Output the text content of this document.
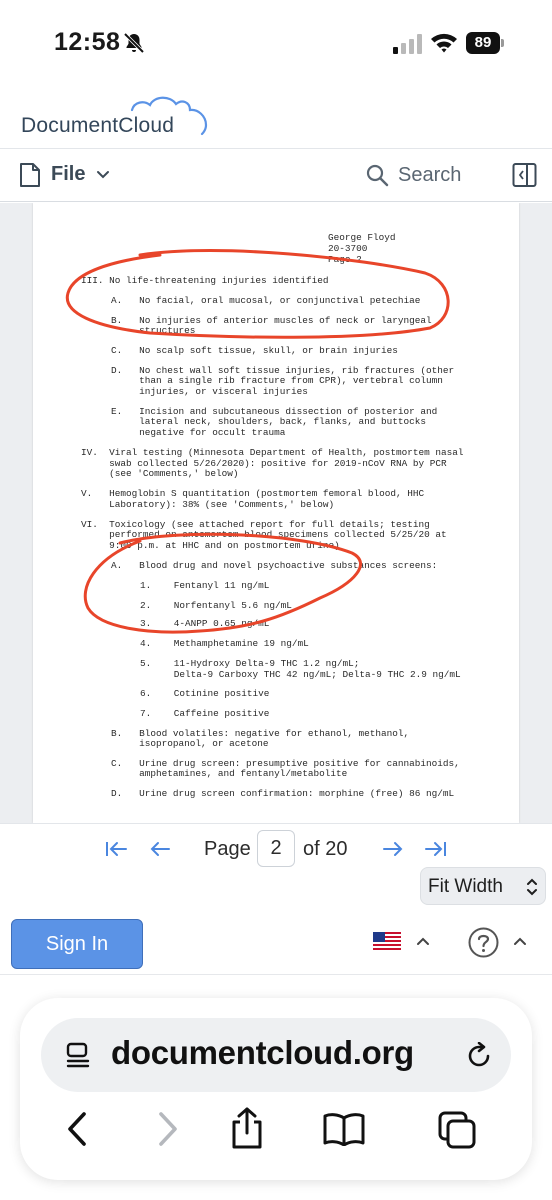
12:58	89
DocumentCloud
File	Search
George Floyd
20-3700
Page 2
III. No life-threatening injuries identified
A.   No facial, oral mucosal, or conjunctival petechiae
B.   No injuries of anterior muscles of neck or laryngeal
structures
C.   No scalp soft tissue, skull, or brain injuries
D.   No chest wall soft tissue injuries, rib fractures (other
than a single rib fracture from CPR), vertebral column
injuries, or visceral injuries
E.   Incision and subcutaneous dissection of posterior and
lateral neck, shoulders, back, flanks, and buttocks
negative for occult trauma
IV.  Viral testing (Minnesota Department of Health, postmortem nasal
swab collected 5/26/2020): positive for 2019-nCoV RNA by PCR
(see 'Comments,' below)
V.   Hemoglobin S quantitation (postmortem femoral blood, HHC
Laboratory): 38% (see 'Comments,' below)
VI.  Toxicology (see attached report for full details; testing
performed on antemortem blood specimens collected 5/25/20 at
9:00 p.m. at HHC and on postmortem urine)
A.   Blood drug and novel psychoactive substances screens:
1.    Fentanyl 11 ng/mL
2.    Norfentanyl 5.6 ng/mL
3.    4-ANPP 0.65 ng/mL
4.    Methamphetamine 19 ng/mL
5.    11-Hydroxy Delta-9 THC 1.2 ng/mL;
Delta-9 Carboxy THC 42 ng/mL; Delta-9 THC 2.9 ng/mL
6.    Cotinine positive
7.    Caffeine positive
B.   Blood volatiles: negative for ethanol, methanol,
isopropanol, or acetone
C.   Urine drug screen: presumptive positive for cannabinoids,
amphetamines, and fentanyl/metabolite
D.   Urine drug screen confirmation: morphine (free) 86 ng/mL
Page
2	of 20
Fit Width
Sign In
documentcloud.org
